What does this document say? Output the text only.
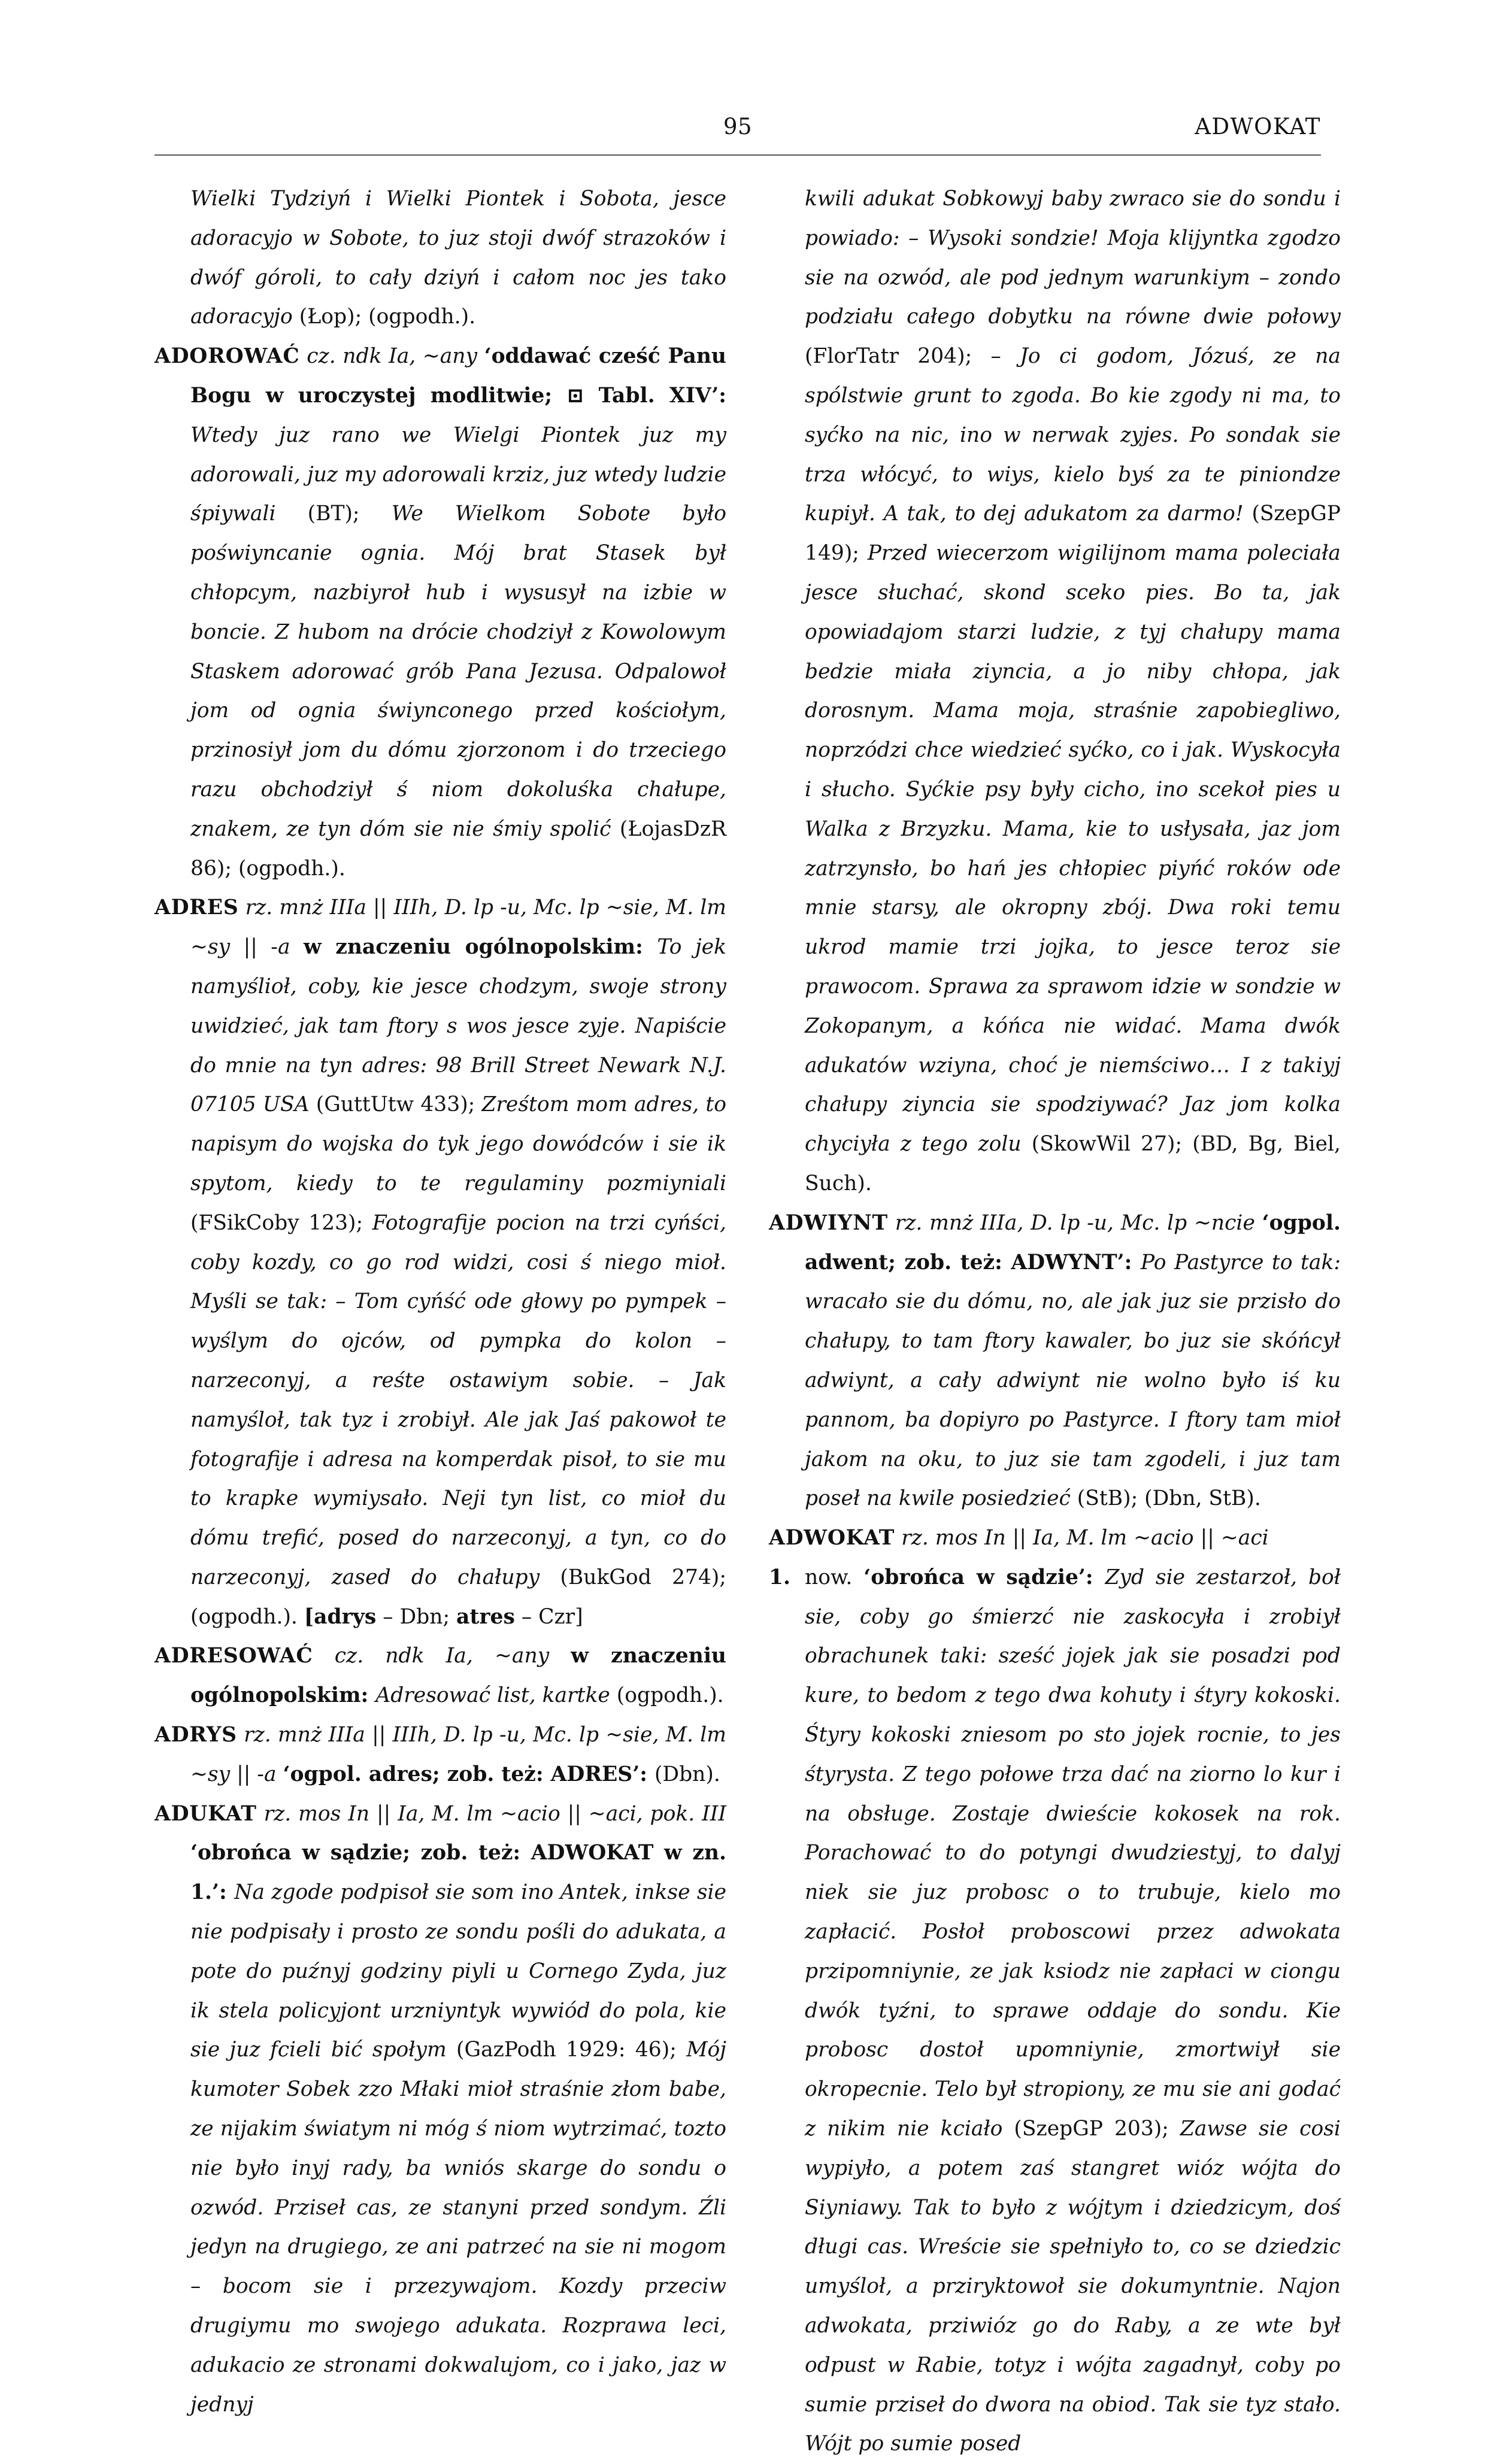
95	ADWOKAT

Wielki Tydziyń i Wielki Piontek i Sobota, jesce adoracyjo w Sobote, to juz stoji dwóf strazoków i dwóf góroli, to cały dziyń i całom noc jes tako adoracyjo (Łop); (ogpodh.).

ADOROWAĆ cz. ndk Ia, ~any ‘oddawać cześć Panu Bogu w uroczystej modlitwie; ⊡ Tabl. XIV’: Wtedy juz rano we Wielgi Piontek juz my adorowali, juz my adorowali krziz, juz wtedy ludzie śpiywali (BT); We Wielkom Sobote było poświyncanie ognia. Mój brat Stasek był chłopcym, nazbiyroł hub i wysusył na izbie w boncie. Z hubom na drócie chodziył z Kowolowym Staskem adorować grób Pana Jezusa. Odpalowoł jom od ognia świynconego przed kościołym, przinosiył jom du dómu zjorzonom i do trzeciego razu obchodziył ś niom dokoluśka chałupe, znakem, ze tyn dóm sie nie śmiy spolić (ŁojasDzR 86); (ogpodh.).

ADRES rz. mnż IIIa || IIIh, D. lp -u, Mc. lp ~sie, M. lm ~sy || -a w znaczeniu ogólnopolskim: To jek namyślioł, coby, kie jesce chodzym, swoje strony uwidzieć, jak tam ftory s wos jesce zyje. Napiście do mnie na tyn adres: 98 Brill Street Newark N.J. 07105 USA (GuttUtw 433); Zreśtom mom adres, to napisym do wojska do tyk jego dowódców i sie ik spytom, kiedy to te regulaminy pozmiyniali (FSikCoby 123); Fotografije pocion na trzi cyńści, coby kozdy, co go rod widzi, cosi ś niego mioł. Myśli se tak: – Tom cyńść ode głowy po pympek – wyślym do ojców, od pympka do kolon – narzeconyj, a reśte ostawiym sobie. – Jak namyśloł, tak tyz i zrobiył. Ale jak Jaś pakowoł te fotografije i adresa na komperdak pisoł, to sie mu to krapke wymiysało. Neji tyn list, co mioł du dómu trefić, posed do narzeconyj, a tyn, co do narzeconyj, zased do chałupy (BukGod 274); (ogpodh.). [adrys – Dbn; atres – Czr]

ADRESOWAĆ cz. ndk Ia, ~any w znaczeniu ogólnopolskim: Adresować list, kartke (ogpodh.).

ADRYS rz. mnż IIIa || IIIh, D. lp -u, Mc. lp ~sie, M. lm ~sy || -a ‘ogpol. adres; zob. też: ADRES’: (Dbn).

ADUKAT rz. mos In || Ia, M. lm ~acio || ~aci, pok. III ‘obrońca w sądzie; zob. też: ADWOKAT w zn. 1.’: Na zgode podpisoł sie som ino Antek, inkse sie nie podpisały i prosto ze sondu pośli do adukata, a pote do puźnyj godziny piyli u Cornego Zyda, juz ik stela policyjont urzniyntyk wywiód do pola, kie sie juz fcieli bić społym (GazPodh 1929: 46); Mój kumoter Sobek zzo Młaki mioł straśnie złom babe, ze nijakim światym ni móg ś niom wytrzimać, tozto nie było inyj rady, ba wniós skarge do sondu o ozwód. Przisеł cas, ze stanyni przed sondym. Źli jedyn na drugiego, ze ani patrzeć na sie ni mogom – bocom sie i przezywajom. Kozdy przeciw drugiymu mo swojego adukata. Rozprawa leci, adukacio ze stronami dokwalujom, co i jako, jaz w jednyj

kwili adukat Sobkowyj baby zwraco sie do sondu i powiado: – Wysoki sondzie! Moja klijyntka zgodzo sie na ozwód, ale pod jednym warunkiym – zondo podziału całego dobytku na równe dwie połowy (FlorTatr 204); – Jo ci godom, Józuś, ze na spólstwie grunt to zgoda. Bo kie zgody ni ma, to syćko na nic, ino w nerwak zyjes. Po sondak sie trza włócyć, to wiys, kielo byś za te piniondze kupiył. A tak, to dej adukatom za darmo! (SzepGP 149); Przed wiecerzom wigilijnom mama poleciała jesce słuchać, skond sceko pies. Bo ta, jak opowiadajom starzi ludzie, z tyj chałupy mama bedzie miała ziyncia, a jo niby chłopa, jak dorosnym. Mama moja, straśnie zapobiegliwo, noprzódzi chce wiedzieć syćko, co i jak. Wyskocyła i słucho. Syćkie psy były cicho, ino scekoł pies u Walka z Brzyzku. Mama, kie to usłysała, jaz jom zatrzynsło, bo hań jes chłopiec piyńć roków ode mnie starsy, ale okropny zbój. Dwa roki temu ukrod mamie trzi jojka, to jesce teroz sie prawocom. Sprawa za sprawom idzie w sondzie w Zokopanym, a kóńca nie widać. Mama dwók adukatów wziyna, choć je niemściwo… I z takiyj chałupy ziyncia sie spodziywać? Jaz jom kolka chyciyła z tego zolu (SkowWil 27); (BD, Bg, Biel, Such).

ADWIYNT rz. mnż IIIa, D. lp -u, Mc. lp ~ncie ‘ogpol. adwent; zob. też: ADWYNT’: Po Pastyrce to tak: wracało sie du dómu, no, ale jak juz sie przisło do chałupy, to tam ftory kawaler, bo juz sie skóńcył adwiynt, a cały adwiynt nie wolno było iś ku pannom, ba dopiyro po Pastyrce. I ftory tam mioł jakom na oku, to juz sie tam zgodeli, i juz tam poseł na kwile posiedzieć (StB); (Dbn, StB).

ADWOKAT rz. mos In || Ia, M. lm ~acio || ~aci

1. now. ‘obrońca w sądzie’: Zyd sie zestarzoł, boł sie, coby go śmierzć nie zaskocyła i zrobiył obrachunek taki: sześć jojek jak sie posadzi pod kure, to bedom z tego dwa kohuty i śtyry kokoski. Śtyry kokoski zniesom po sto jojek rocnie, to jes śtyrysta. Z tego połowe trza dać na ziorno lo kur i na obsługe. Zostaje dwieście kokosek na rok. Porachować to do potyngi dwudziestyj, to dalyj niek sie juz probosc o to trubuje, kielo mo zapłacić. Posłoł proboscowi przez adwokata przipomniynie, ze jak ksiodz nie zapłaci w ciongu dwók tyźni, to sprawe oddaje do sondu. Kie probosc dostoł upomniynie, zmortwiył sie okropecnie. Telo był stropiony, ze mu sie ani godać z nikim nie kciało (SzepGP 203); Zawse sie cosi wypiyło, a potem zaś stangret wióz wójta do Siyniawy. Tak to było z wójtym i dziedzicym, doś długi cas. Wreście sie spełniyło to, co se dziedzic umyśloł, a prziryktowoł sie dokumyntnie. Najon adwokata, prziwióz go do Raby, a ze wte był odpust w Rabie, totyz i wójta zagadnył, coby po sumie przisеł do dwora na obiod. Tak sie tyz stało. Wójt po sumie posed
